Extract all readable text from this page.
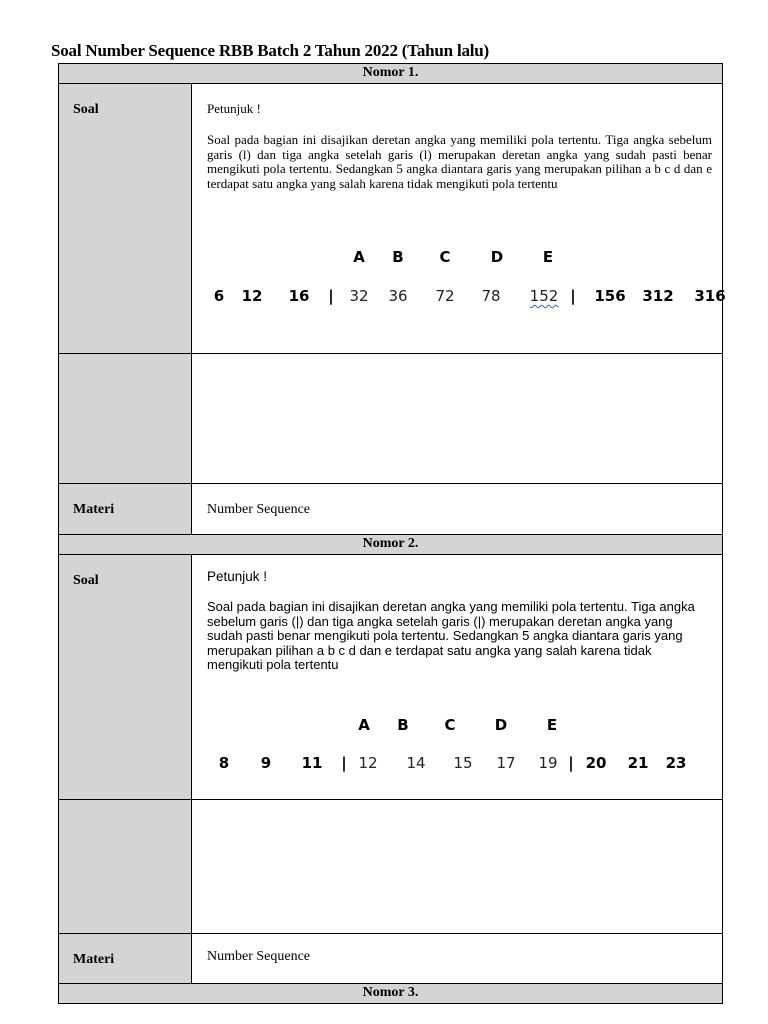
Soal Number Sequence RBB Batch 2 Tahun 2022 (Tahun lalu)
Nomor 1.
Soal	Petunjuk !
Soal pada bagian ini disajikan deretan angka yang memiliki pola tertentu. Tiga angka sebelum garis (l) dan tiga angka setelah garis (l) merupakan deretan angka yang sudah pasti benar mengikuti pola tertentu. Sedangkan 5 angka diantara garis yang merupakan pilihan a b c d dan e terdapat satu angka yang salah karena tidak mengikuti pola tertentu
A B C	D	E
6 12 16 | 32 36 72 78 152 | 156 312 316
Materi	Number Sequence
Nomor 2.
Soal	Petunjuk !
Soal pada bagian ini disajikan deretan angka yang memiliki pola tertentu. Tiga angka sebelum garis (|) dan tiga angka setelah garis (|) merupakan deretan angka yang sudah pasti benar mengikuti pola tertentu. Sedangkan 5 angka diantara garis yang merupakan pilihan a b c d dan e terdapat satu angka yang salah karena tidak mengikuti pola tertentu
A B C	D	E
8 9 11 | 12 14 15 17 19 | 20 21 23
Materi	Number Sequence
Nomor 3.
